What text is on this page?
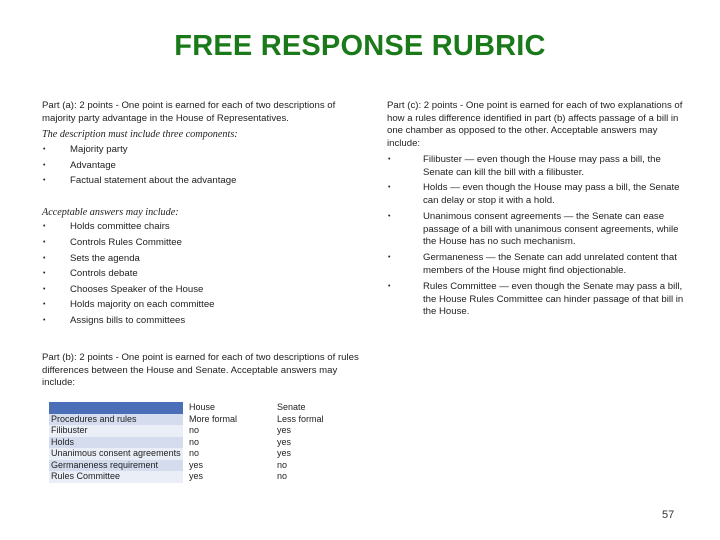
FREE RESPONSE RUBRIC
Part (a): 2 points - One point is earned for each of two descriptions of majority party advantage in the House of Representatives.
The description must include three components:
•	Majority party
•	Advantage
•	Factual statement about the advantage
Acceptable answers may include:
•	Holds committee chairs
•	Controls Rules Committee
•	Sets the agenda
•	Controls debate
•	Chooses Speaker of the House
•	Holds majority on each committee
•	Assigns bills to committees
Part (c): 2 points - One point is earned for each of two explanations of how a rules difference identified in part (b) affects passage of a bill in one chamber as opposed to the other. Acceptable answers may include:
•	Filibuster — even though the House may pass a bill, the Senate can kill the bill with a filibuster.
•	Holds — even though the House may pass a bill, the Senate can delay or stop it with a hold.
•	Unanimous consent agreements — the Senate can ease passage of a bill with unanimous consent agreements, while the House has no such mechanism.
•	Germaneness — the Senate can add unrelated content that members of the House might find objectionable.
•	Rules Committee — even though the Senate may pass a bill, the House Rules Committee can hinder passage of that bill in the House.
Part (b): 2 points - One point is earned for each of two descriptions of rules differences between the House and Senate. Acceptable answers may include:
	House	Senate
Procedures and rules	More formal	Less formal
Filibuster	no	yes
Holds	no	yes
Unanimous consent agreements	no	yes
Germaneness requirement	yes	no
Rules Committee	yes	no
57
